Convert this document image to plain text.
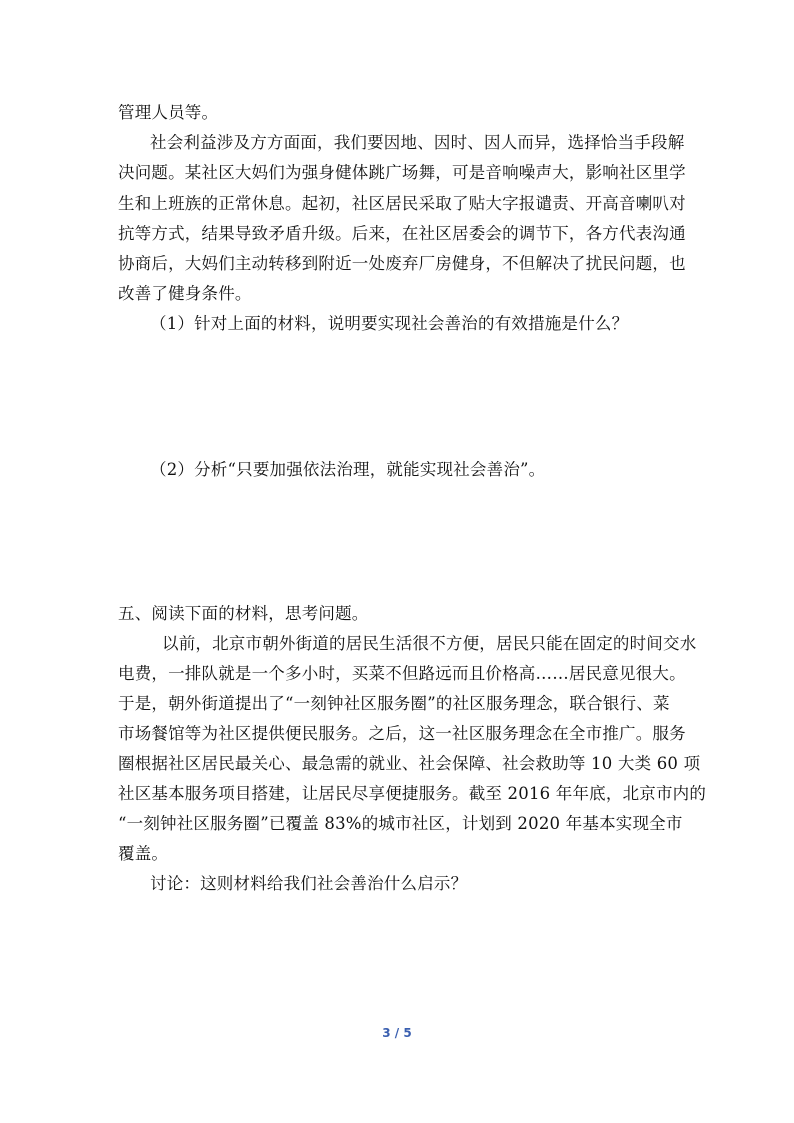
管理人员等。
社会利益涉及方方面面，我们要因地、因时、因人而异，选择恰当手段解
决问题。某社区大妈们为强身健体跳广场舞，可是音响噪声大，影响社区里学
生和上班族的正常休息。起初，社区居民采取了贴大字报谴责、开高音喇叭对
抗等方式，结果导致矛盾升级。后来，在社区居委会的调节下，各方代表沟通
协商后，大妈们主动转移到附近一处废弃厂房健身，不但解决了扰民问题，也
改善了健身条件。
（1）针对上面的材料，说明要实现社会善治的有效措施是什么？
（2）分析“只要加强依法治理，就能实现社会善治”。
五、阅读下面的材料，思考问题。
以前，北京市朝外街道的居民生活很不方便，居民只能在固定的时间交水
电费，一排队就是一个多小时，买菜不但路远而且价格高……居民意见很大。
于是，朝外街道提出了“一刻钟社区服务圈”的社区服务理念，联合银行、菜
市场餐馆等为社区提供便民服务。之后，这一社区服务理念在全市推广。服务
圈根据社区居民最关心、最急需的就业、社会保障、社会救助等 10 大类 60 项
社区基本服务项目搭建，让居民尽享便捷服务。截至 2016 年年底，北京市内的
“一刻钟社区服务圈”已覆盖 83%的城市社区，计划到 2020 年基本实现全市
覆盖。
讨论：这则材料给我们社会善治什么启示？
3 / 5
